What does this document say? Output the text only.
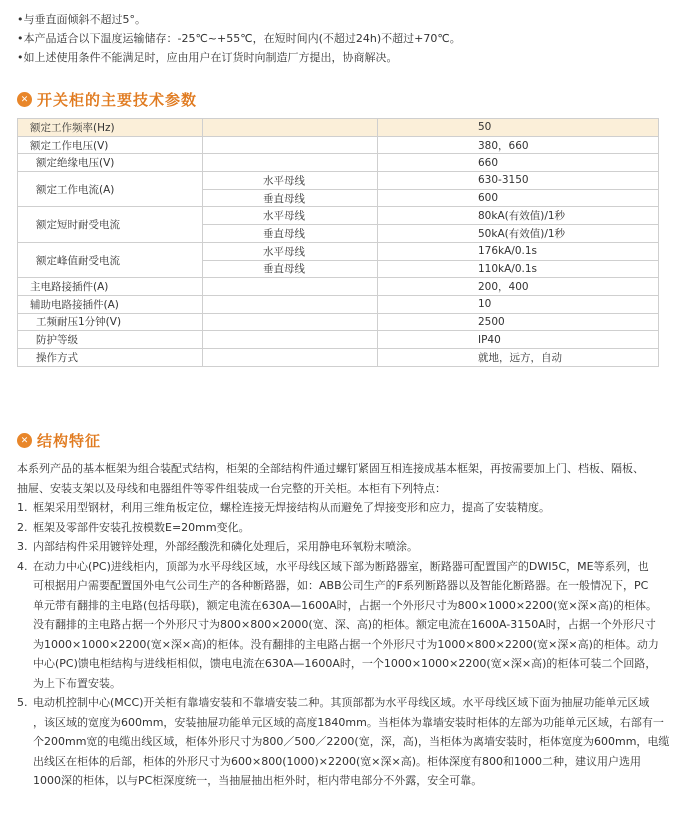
•与垂直面倾斜不超过5°。
•本产品适合以下温度运输储存：-25℃~+55℃，在短时间内(不超过24h)不超过+70℃。
•如上述使用条件不能满足时，应由用户在订货时向制造厂方提出，协商解决。
✕ 开关柜的主要技术参数
额定工作频率(Hz)		50
额定工作电压(V)		380，660
额定绝缘电压(V)		660
额定工作电流(A)	水平母线	630-3150
	垂直母线	600
额定短时耐受电流	水平母线	80kA(有效值)/1秒
	垂直母线	50kA(有效值)/1秒
额定峰值耐受电流	水平母线	176kA/0.1s
	垂直母线	110kA/0.1s
主电路接插件(A)		200，400
辅助电路接插件(A)		10
工频耐压1分钟(V)		2500
防护等级		IP40
操作方式		就地，远方，自动
✕ 结构特征

本系列产品的基本框架为组合装配式结构，柜架的全部结构件通过螺钉紧固互相连接成基本框架，再按需要加上门、档板、隔板、

抽屉、安装支架以及母线和电器组件等零件组装成一台完整的开关柜。本柜有下列特点：

1. 框架采用型钢材，利用三维角板定位，螺栓连接无焊接结构从而避免了焊接变形和应力，提高了安装精度。

2. 框架及零部件安装孔按模数E=20mm变化。

3. 内部结构件采用镀锌处理，外部经酸洗和磷化处理后，采用静电环氧粉末喷涂。

4. 在动力中心(PC)进线柜内，顶部为水平母线区域，水平母线区域下部为断路器室，断路器可配置国产的DWI5C，ME等系列，也

可根据用户需要配置国外电气公司生产的各种断路器，如：ABB公司生产的F系列断路器以及智能化断路器。在一般情况下，PC

单元带有翻排的主电路(包括母联)，额定电流在630A—1600A时，占据一个外形尺寸为800×1000×2200(宽×深×高)的柜体。

没有翻排的主电路占据一个外形尺寸为800×800×2000(宽、深、高)的柜体。额定电流在1600A-3150A时，占据一个外形尺寸

为1000×1000×2200(宽×深×高)的柜体。没有翻排的主电路占据一个外形尺寸为1000×800×2200(宽×深×高)的柜体。动力

中心(PC)馈电柜结构与进线柜相似，馈电电流在630A—1600A时，一个1000×1000×2200(宽×深×高)的柜体可装二个回路，

为上下布置安装。

5. 电动机控制中心(MCC)开关柜有靠墙安装和不靠墙安装二种。其顶部都为水平母线区域。水平母线区域下面为抽屉功能单元区域

，该区域的宽度为600mm，安装抽屉功能单元区域的高度1840mm。当柜体为靠墙安装时柜体的左部为功能单元区域，右部有一

个200mm宽的电缆出线区域，柜体外形尺寸为800／500／2200(宽，深，高)，当柜体为离墙安装时，柜体宽度为600mm，电缆

出线区在柜体的后部，柜体的外形尺寸为600×800(1000)×2200(宽×深×高)。柜体深度有800和1000二种，建议用户选用

1000深的柜体，以与PC柜深度统一，当抽屉抽出柜外时，柜内带电部分不外露，安全可靠。
